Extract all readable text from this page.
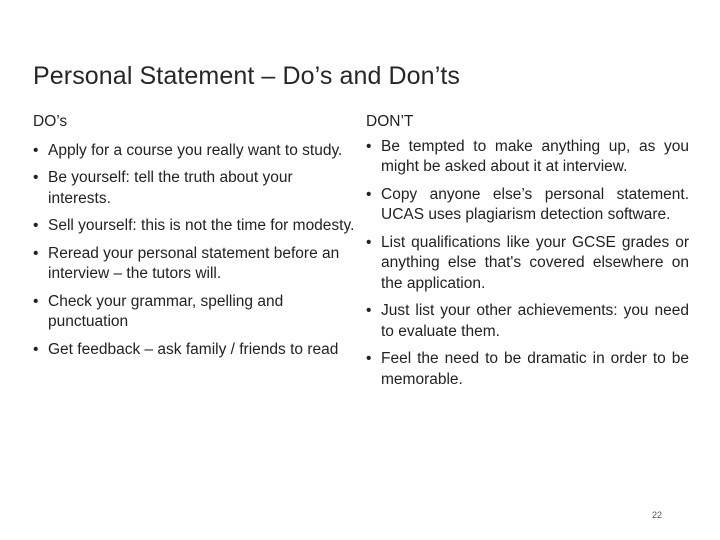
Personal Statement – Do’s and Don’ts
DO’s
• Apply for a course you really want to study.
• Be yourself: tell the truth about your interests.
• Sell yourself: this is not the time for modesty.
• Reread your personal statement before an interview – the tutors will.
• Check your grammar, spelling and punctuation
• Get feedback – ask family / friends to read
DON’T
• Be tempted to make anything up, as you might be asked about it at interview.
• Copy anyone else’s personal statement. UCAS uses plagiarism detection software.
• List qualifications like your GCSE grades or anything else that's covered elsewhere on the application.
• Just list your other achievements: you need to evaluate them.
• Feel the need to be dramatic in order to be memorable.
22
